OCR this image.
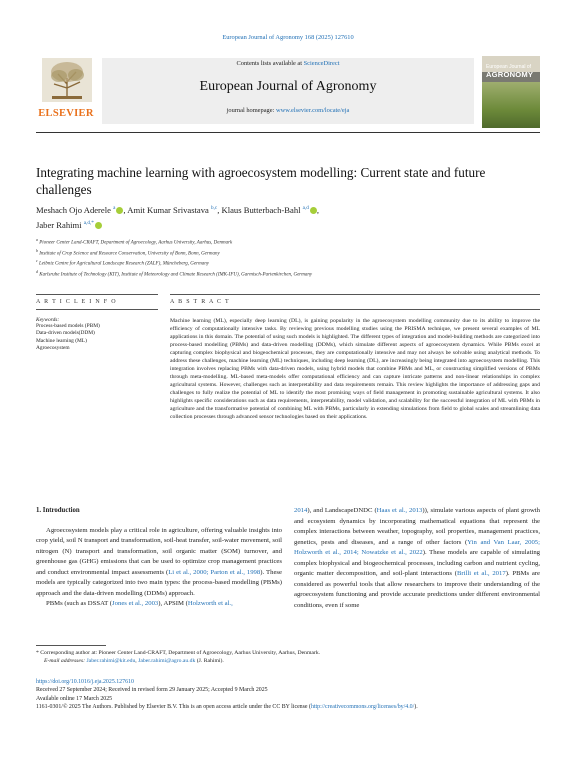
European Journal of Agronomy 168 (2025) 127610
ELSEVIER
Contents lists available at ScienceDirect
European Journal of Agronomy
journal homepage: www.elsevier.com/locate/eja
European Journal of
AGRONOMY
Integrating machine learning with agroecosystem modelling: Current state and future challenges
Meshach Ojo Aderele $^a$ , Amit Kumar Srivastava $^{b,c}$, Klaus Butterbach-Bahl $^{a,d}$ ,
Jaber Rahimi $^{a,d,*}$
$^a$ Pioneer Center Land-CRAFT, Department of Agroecology, Aarhus University, Aarhus, Denmark
$^b$ Institute of Crop Science and Resource Conservation, University of Bonn, Bonn, Germany
$^c$ Leibniz Centre for Agricultural Landscape Research (ZALF), Müncheberg, Germany
$^d$ Karlsruhe Institute of Technology (KIT), Institute of Meteorology and Climate Research (IMK-IFU), Garmisch-Partenkirchen, Germany
A R T I C L E I N F O
Keywords:
Process-based models (PBM)
Data-driven models(DDM)
Machine learning (ML)
Agroecosystem
A B S T R A C T
Machine learning (ML), especially deep learning (DL), is gaining popularity in the agroecosystem modelling community due to its ability to improve the efficiency of computationally intensive tasks. By reviewing previous modelling studies using the PRISMA technique, we present several examples of ML applications in this domain. The potential of using such models is highlighted. The different types of integration and model-building methods are categorized into process-based modelling (PBMs) and data-driven modelling (DDMs), which simulate different aspects of agroecosystem dynamics. While PBMs excel at capturing complex biophysical and biogeochemical processes, they are computationally intensive and may not always be solvable using analytical methods. To address these challenges, machine learning (ML) techniques, including deep learning (DL), are increasingly being integrated into agroecosystem modelling. This integration involves replacing PBMs with data-driven models, using hybrid models that combine PBMs and ML, or constructing simplified versions of PBMs through meta-modelling. ML-based meta-models offer computational efficiency and can capture intricate patterns and non-linear relationships in complex agricultural systems. However, challenges such as interpretability and data requirements remain. This review highlights the importance of addressing gaps and challenges to fully realize the potential of ML to identify the most promising ways of field management in promoting sustainable agricultural systems. It also highlights specific considerations such as data requirements, interpretability, model validation, and scalability for the successful integration of ML with PBMs in agriculture and the transformative potential of combining ML with PBMs, particularly in extending simulations from field to global scales and streamlining data collection processes through advanced sensor technologies based on their applications.
1. Introduction
Agroecosystem models play a critical role in agriculture, offering valuable insights into crop yield, soil N transport and transformation, soil-heat transfer, soil-water movement, soil nitrogen (N) transport and transformation, soil organic matter (SOM) turnover, and greenhouse gas (GHG) emissions that can be used to optimize crop management practices and conduct environmental impact assessments (Li et al., 2000; Parton et al., 1998). These models are typically categorized into two main types: the process-based modelling (PBMs) approach and the data-driven modelling (DDMs) approach.
PBMs (such as DSSAT (Jones et al., 2003), APSIM (Holzworth et al.,
2014), and LandscapeDNDC (Haas et al., 2013)), simulate various aspects of plant growth and ecosystem dynamics by incorporating mathematical equations that represent the complex interactions between weather, topography, soil properties, management practices, genetics, pests and diseases, and a range of other factors (Yin and Van Laar, 2005; Holzworth et al., 2014; Nowatzke et al., 2022). These models are capable of simulating complex biophysical and biogeochemical processes, including carbon and nutrient cycling, organic matter decomposition, and soil-plant interactions (Brilli et al., 2017). PBMs are considered as powerful tools that allow researchers to improve their understanding of the agroecosystem functioning and provide accurate predictions under different environmental conditions, even if some
* Corresponding author at: Pioneer Center Land-CRAFT, Department of Agroecology, Aarhus University, Aarhus, Denmark.
E-mail addresses: Jaber.rahimi@kit.edu, Jaber.rahimi@agro.au.dk (J. Rahimi).
https://doi.org/10.1016/j.eja.2025.127610
Received 27 September 2024; Received in revised form 29 January 2025; Accepted 9 March 2025
Available online 17 March 2025
1161-0301/© 2025 The Authors. Published by Elsevier B.V. This is an open access article under the CC BY license (http://creativecommons.org/licenses/by/4.0/).
